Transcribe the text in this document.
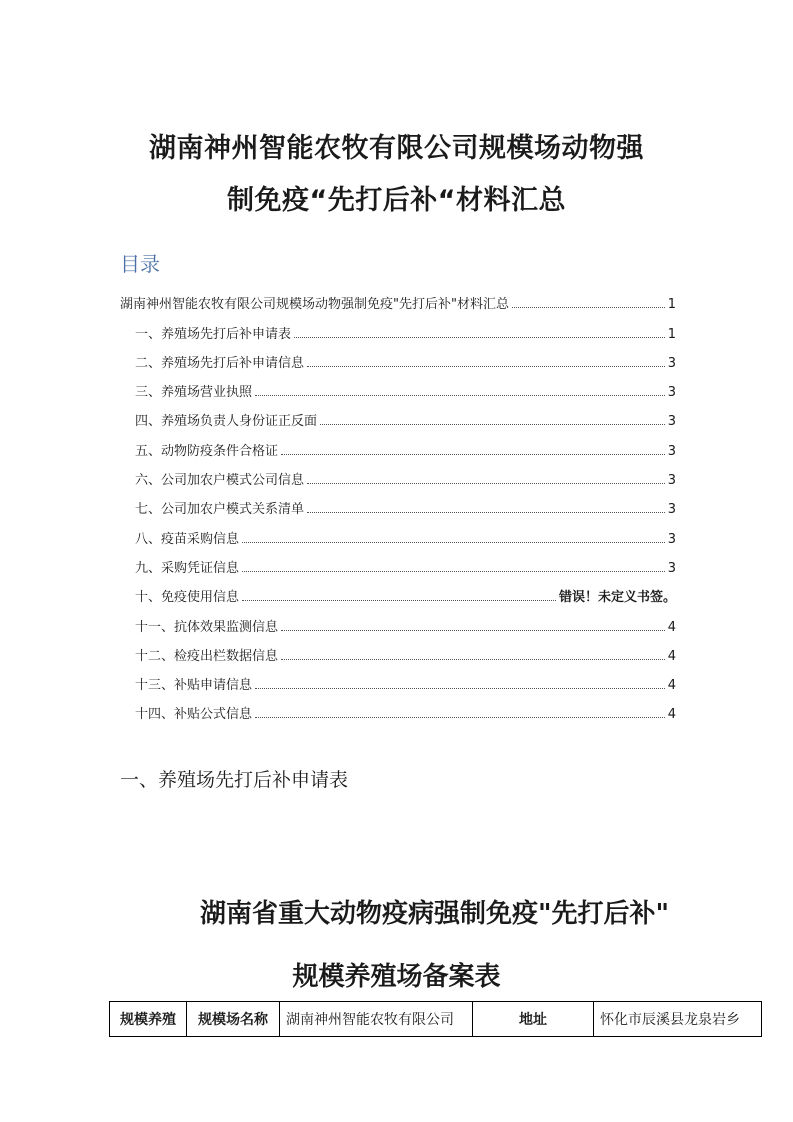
湖南神州智能农牧有限公司规模场动物强
制免疫“先打后补“材料汇总
目录
湖南神州智能农牧有限公司规模场动物强制免疫"先打后补"材料汇总	1
一、养殖场先打后补申请表	1
二、养殖场先打后补申请信息	3
三、养殖场营业执照	3
四、养殖场负责人身份证正反面	3
五、动物防疫条件合格证	3
六、公司加农户模式公司信息	3
七、公司加农户模式关系清单	3
八、疫苗采购信息	3
九、采购凭证信息	3
十、免疫使用信息	错误！未定义书签。
十一、抗体效果监测信息	4
十二、检疫出栏数据信息	4
十三、补贴申请信息	4
十四、补贴公式信息	4
一、养殖场先打后补申请表
湖南省重大动物疫病强制免疫"先打后补"
规模养殖场备案表
规模养殖	规模场名称	湖南神州智能农牧有限公司	地址	怀化市辰溪县龙泉岩乡
